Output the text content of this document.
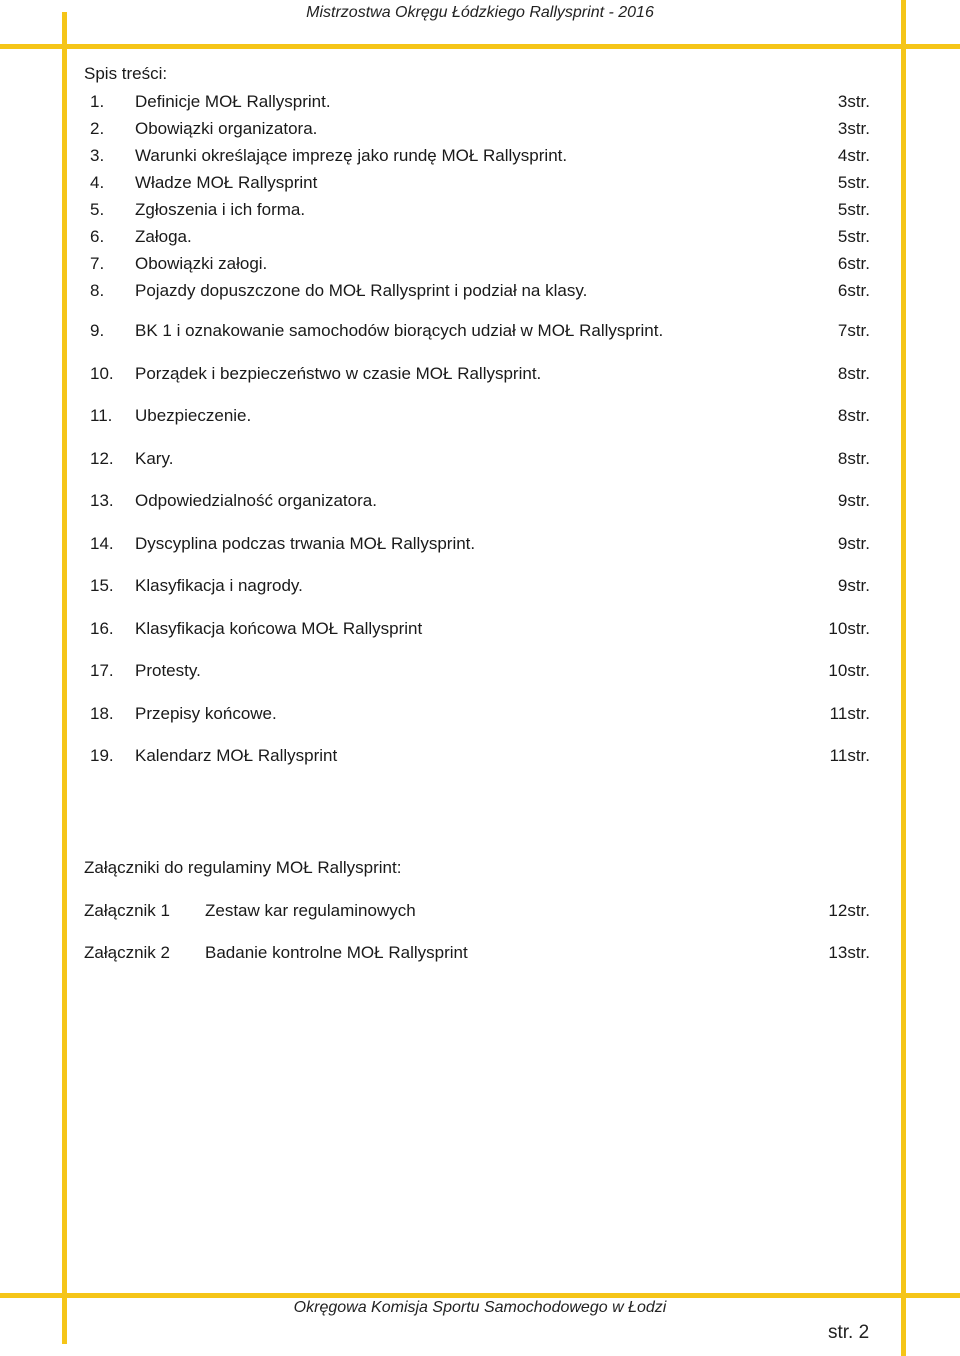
Mistrzostwa Okręgu Łódzkiego Rallysprint - 2016
Spis treści:
1. Definicje MOŁ Rallysprint.	3str.
2. Obowiązki organizatora.	3str.
3. Warunki określające imprezę jako rundę MOŁ Rallysprint.	4str.
4. Władze MOŁ Rallysprint	5str.
5. Zgłoszenia i ich forma.	5str.
6. Załoga.	5str.
7. Obowiązki załogi.	6str.
8. Pojazdy dopuszczone do MOŁ Rallysprint i podział na klasy.	6str.
9. BK 1 i oznakowanie samochodów biorących udział w MOŁ Rallysprint.	7str.
10. Porządek i bezpieczeństwo w czasie MOŁ Rallysprint.	8str.
11. Ubezpieczenie.	8str.
12. Kary.	8str.
13. Odpowiedzialność organizatora.	9str.
14. Dyscyplina podczas trwania MOŁ Rallysprint.	9str.
15. Klasyfikacja i nagrody.	9str.
16. Klasyfikacja końcowa MOŁ Rallysprint	10str.
17. Protesty.	10str.
18. Przepisy końcowe.	11str.
19. Kalendarz MOŁ Rallysprint	11str.
Załączniki do regulaminy MOŁ Rallysprint:
Załącznik 1 Zestaw kar regulaminowych	12str.
Załącznik 2 Badanie kontrolne MOŁ Rallysprint	13str.
Okręgowa Komisja Sportu Samochodowego w Łodzi
str. 2
